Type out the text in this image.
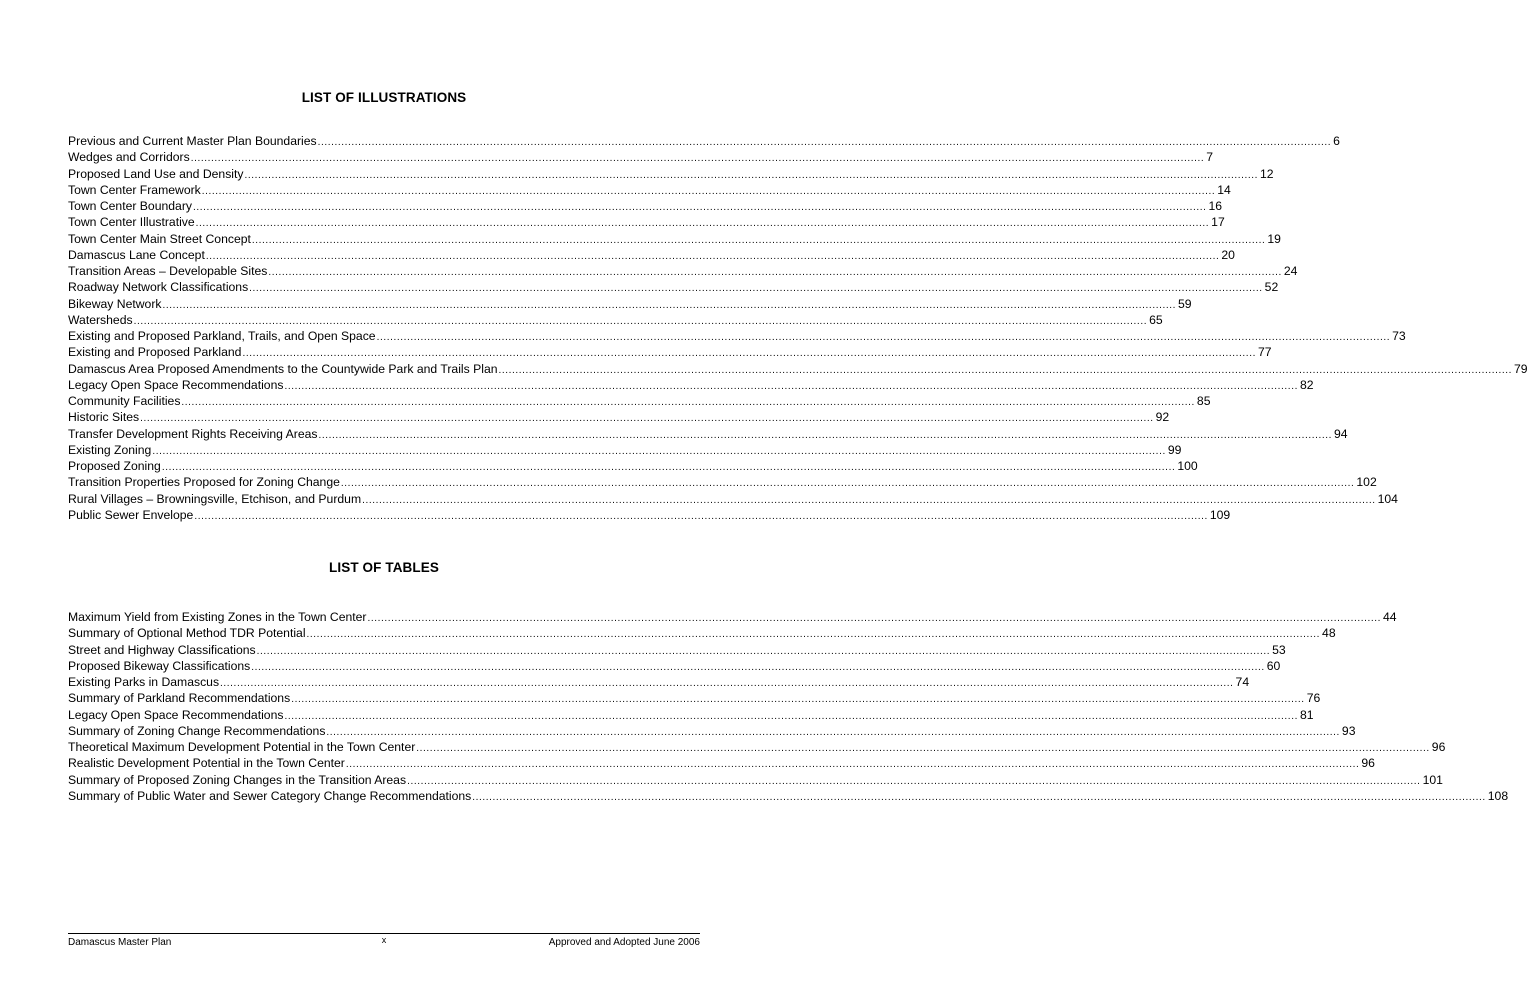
LIST OF ILLUSTRATIONS
Previous and Current Master Plan Boundaries ............................................................................................................................................................................................................................................................................................................ 6
Wedges and Corridors ............................................................................................................................................................................................................................................................................................................ 7
Proposed Land Use and Density ............................................................................................................................................................................................................................................................................................................ 12
Town Center Framework ............................................................................................................................................................................................................................................................................................................ 14
Town Center Boundary ............................................................................................................................................................................................................................................................................................................ 16
Town Center Illustrative ............................................................................................................................................................................................................................................................................................................ 17
Town Center Main Street Concept ............................................................................................................................................................................................................................................................................................................ 19
Damascus Lane Concept ............................................................................................................................................................................................................................................................................................................ 20
Transition Areas – Developable Sites ............................................................................................................................................................................................................................................................................................................ 24
Roadway Network Classifications ............................................................................................................................................................................................................................................................................................................ 52
Bikeway Network ............................................................................................................................................................................................................................................................................................................ 59
Watersheds ............................................................................................................................................................................................................................................................................................................ 65
Existing and Proposed Parkland, Trails, and Open Space ............................................................................................................................................................................................................................................................................................................ 73
Existing and Proposed Parkland ............................................................................................................................................................................................................................................................................................................ 77
Damascus Area Proposed Amendments to the Countywide Park and Trails Plan ............................................................................................................................................................................................................................................................................................................ 79
Legacy Open Space Recommendations ............................................................................................................................................................................................................................................................................................................ 82
Community Facilities ............................................................................................................................................................................................................................................................................................................ 85
Historic Sites ............................................................................................................................................................................................................................................................................................................ 92
Transfer Development Rights Receiving Areas ............................................................................................................................................................................................................................................................................................................ 94
Existing Zoning ............................................................................................................................................................................................................................................................................................................ 99
Proposed Zoning ............................................................................................................................................................................................................................................................................................................ 100
Transition Properties Proposed for Zoning Change ............................................................................................................................................................................................................................................................................................................ 102
Rural Villages – Browningsville, Etchison, and Purdum ............................................................................................................................................................................................................................................................................................................ 104
Public Sewer Envelope ............................................................................................................................................................................................................................................................................................................ 109
LIST OF TABLES
Maximum Yield from Existing Zones in the Town Center ............................................................................................................................................................................................................................................................................................................ 44
Summary of Optional Method TDR Potential ............................................................................................................................................................................................................................................................................................................ 48
Street and Highway Classifications ............................................................................................................................................................................................................................................................................................................ 53
Proposed Bikeway Classifications ............................................................................................................................................................................................................................................................................................................ 60
Existing Parks in Damascus ............................................................................................................................................................................................................................................................................................................ 74
Summary of Parkland Recommendations ............................................................................................................................................................................................................................................................................................................ 76
Legacy Open Space Recommendations ............................................................................................................................................................................................................................................................................................................ 81
Summary of Zoning Change Recommendations ............................................................................................................................................................................................................................................................................................................ 93
Theoretical Maximum Development Potential in the Town Center ............................................................................................................................................................................................................................................................................................................ 96
Realistic Development Potential in the Town Center ............................................................................................................................................................................................................................................................................................................ 96
Summary of Proposed Zoning Changes in the Transition Areas ............................................................................................................................................................................................................................................................................................................ 101
Summary of Public Water and Sewer Category Change Recommendations ............................................................................................................................................................................................................................................................................................................ 108
Damascus Master Plan	x	Approved and Adopted June 2006
